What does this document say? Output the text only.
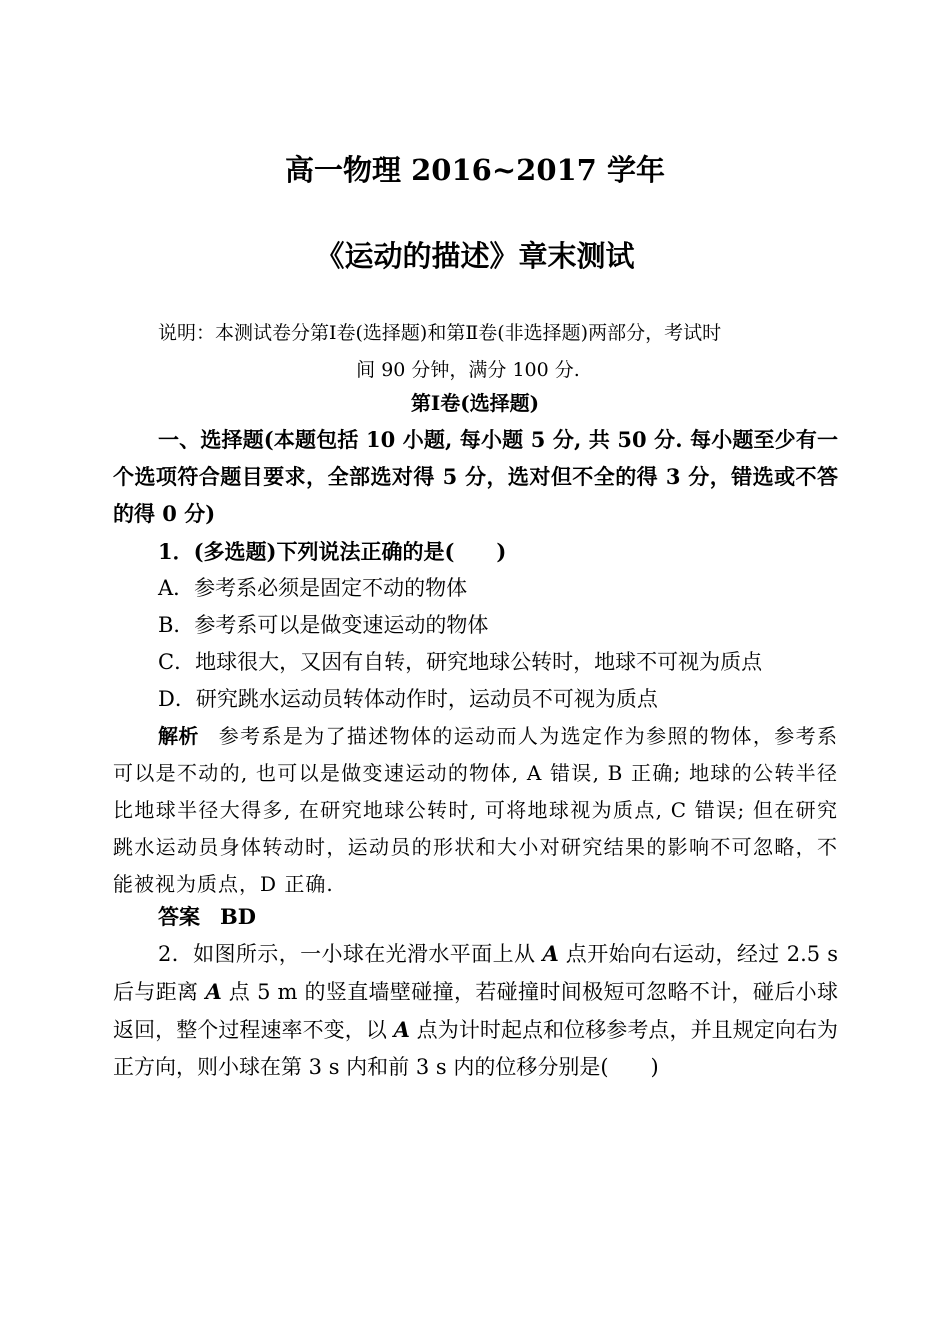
高一物理 2016~2017 学年
《运动的描述》章末测试

说明：本测试卷分第Ⅰ卷(选择题)和第Ⅱ卷(非选择题)两部分，考试时
间 90 分钟，满分 100 分.

第Ⅰ卷(选择题)

一、选择题(本题包括 10 小题, 每小题 5 分, 共 50 分. 每小题至少有一个选项符合题目要求，全部选对得 5 分，选对但不全的得 3 分，错选或不答的得 0 分)

1．(多选题)下列说法正确的是(　　)

A．参考系必须是固定不动的物体

B．参考系可以是做变速运动的物体

C．地球很大，又因有自转，研究地球公转时，地球不可视为质点

D．研究跳水运动员转体动作时，运动员不可视为质点

解析 参考系是为了描述物体的运动而人为选定作为参照的物体，参考系可以是不动的, 也可以是做变速运动的物体, A 错误, B 正确; 地球的公转半径比地球半径大得多, 在研究地球公转时, 可将地球视为质点, C 错误; 但在研究跳水运动员身体转动时，运动员的形状和大小对研究结果的影响不可忽略，不能被视为质点，D 正确.

答案 BD

2．如图所示，一小球在光滑水平面上从 A 点开始向右运动，经过 2.5 s 后与距离 A 点 5 m 的竖直墙壁碰撞，若碰撞时间极短可忽略不计，碰后小球返回，整个过程速率不变，以 A 点为计时起点和位移参考点，并且规定向右为正方向，则小球在第 3 s 内和前 3 s 内的位移分别是(　　)
